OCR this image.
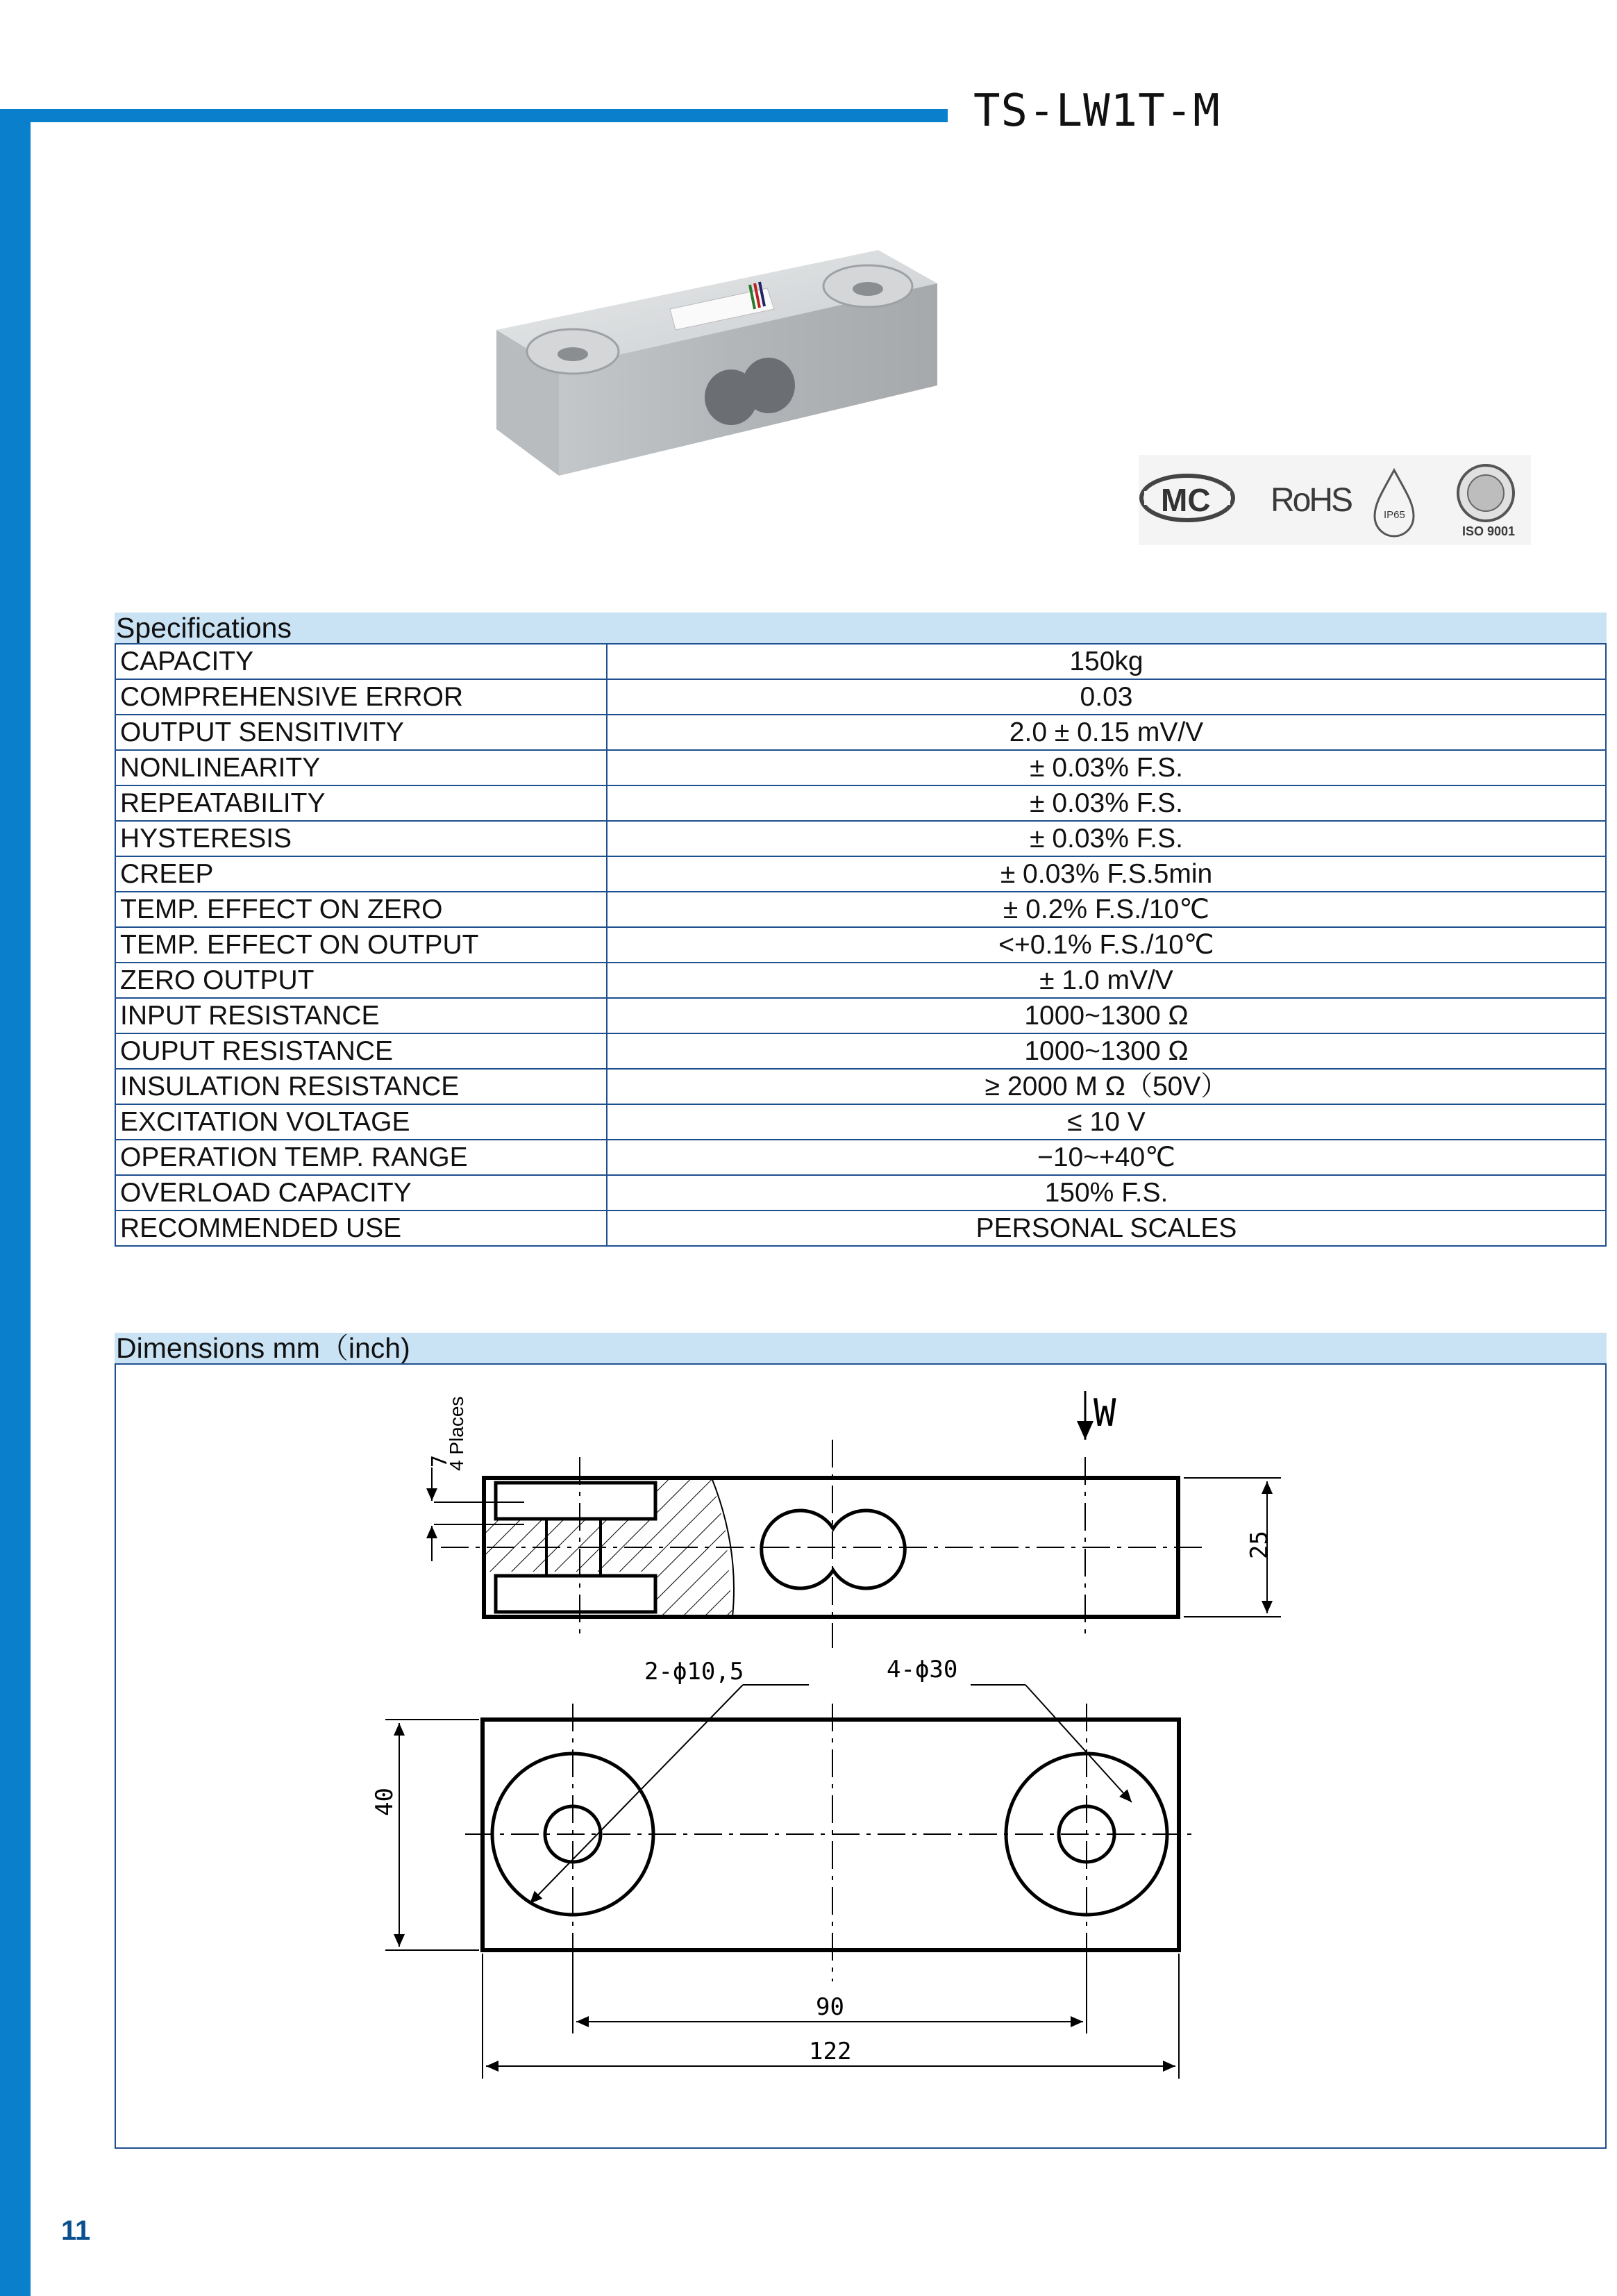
TS-LW1T-M
MC RoHS	IP65
ISO 9001
Specifications
CAPACITY	150kg
COMPREHENSIVE ERROR	0.03
OUTPUT SENSITIVITY	2.0 ± 0.15 mV/V
NONLINEARITY	± 0.03% F.S.
REPEATABILITY	± 0.03% F.S.
HYSTERESIS	± 0.03% F.S.
CREEP	± 0.03% F.S.5min
TEMP. EFFECT ON ZERO	± 0.2% F.S./10℃
TEMP. EFFECT ON OUTPUT	<+0.1% F.S./10℃
ZERO OUTPUT	± 1.0 mV/V
INPUT RESISTANCE	1000~1300 Ω
OUPUT RESISTANCE	1000~1300 Ω
INSULATION RESISTANCE	≥ 2000 M Ω（50V）
EXCITATION VOLTAGE	≤ 10 V
OPERATION TEMP. RANGE	−10~+40℃
OVERLOAD CAPACITY	150% F.S.
RECOMMENDED USE	PERSONAL SCALES
Dimensions mm（inch)
4 Places
7
W
25
2-ϕ10,5	4-ϕ30
40
90
122
11
